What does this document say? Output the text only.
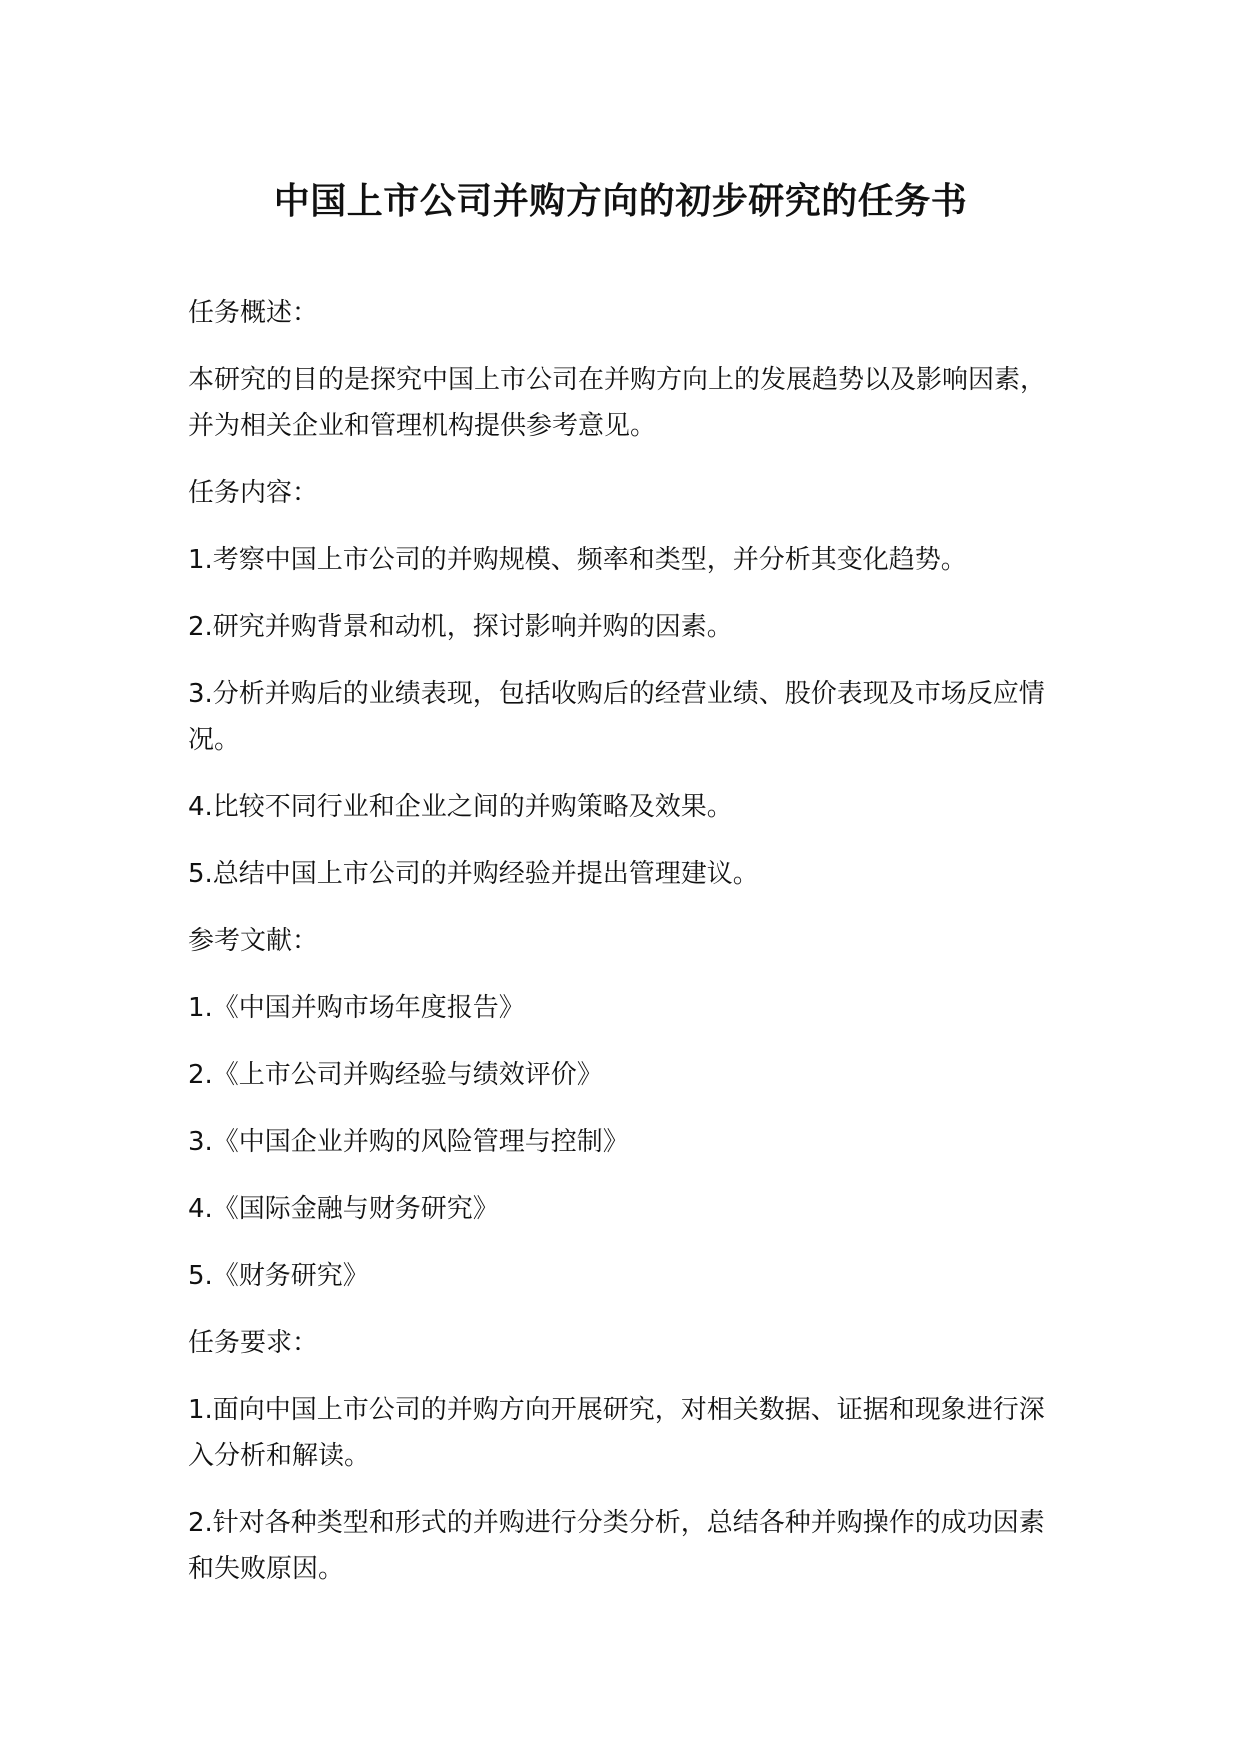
中国上市公司并购方向的初步研究的任务书

任务概述：

本研究的目的是探究中国上市公司在并购方向上的发展趋势以及影响因素，并为相关企业和管理机构提供参考意见。

任务内容：

1.考察中国上市公司的并购规模、频率和类型，并分析其变化趋势。

2.研究并购背景和动机，探讨影响并购的因素。

3.分析并购后的业绩表现，包括收购后的经营业绩、股价表现及市场反应情况。

4.比较不同行业和企业之间的并购策略及效果。

5.总结中国上市公司的并购经验并提出管理建议。

参考文献：

1.《中国并购市场年度报告》

2.《上市公司并购经验与绩效评价》

3.《中国企业并购的风险管理与控制》

4.《国际金融与财务研究》

5.《财务研究》

任务要求：

1.面向中国上市公司的并购方向开展研究，对相关数据、证据和现象进行深入分析和解读。

2.针对各种类型和形式的并购进行分类分析，总结各种并购操作的成功因素和失败原因。
